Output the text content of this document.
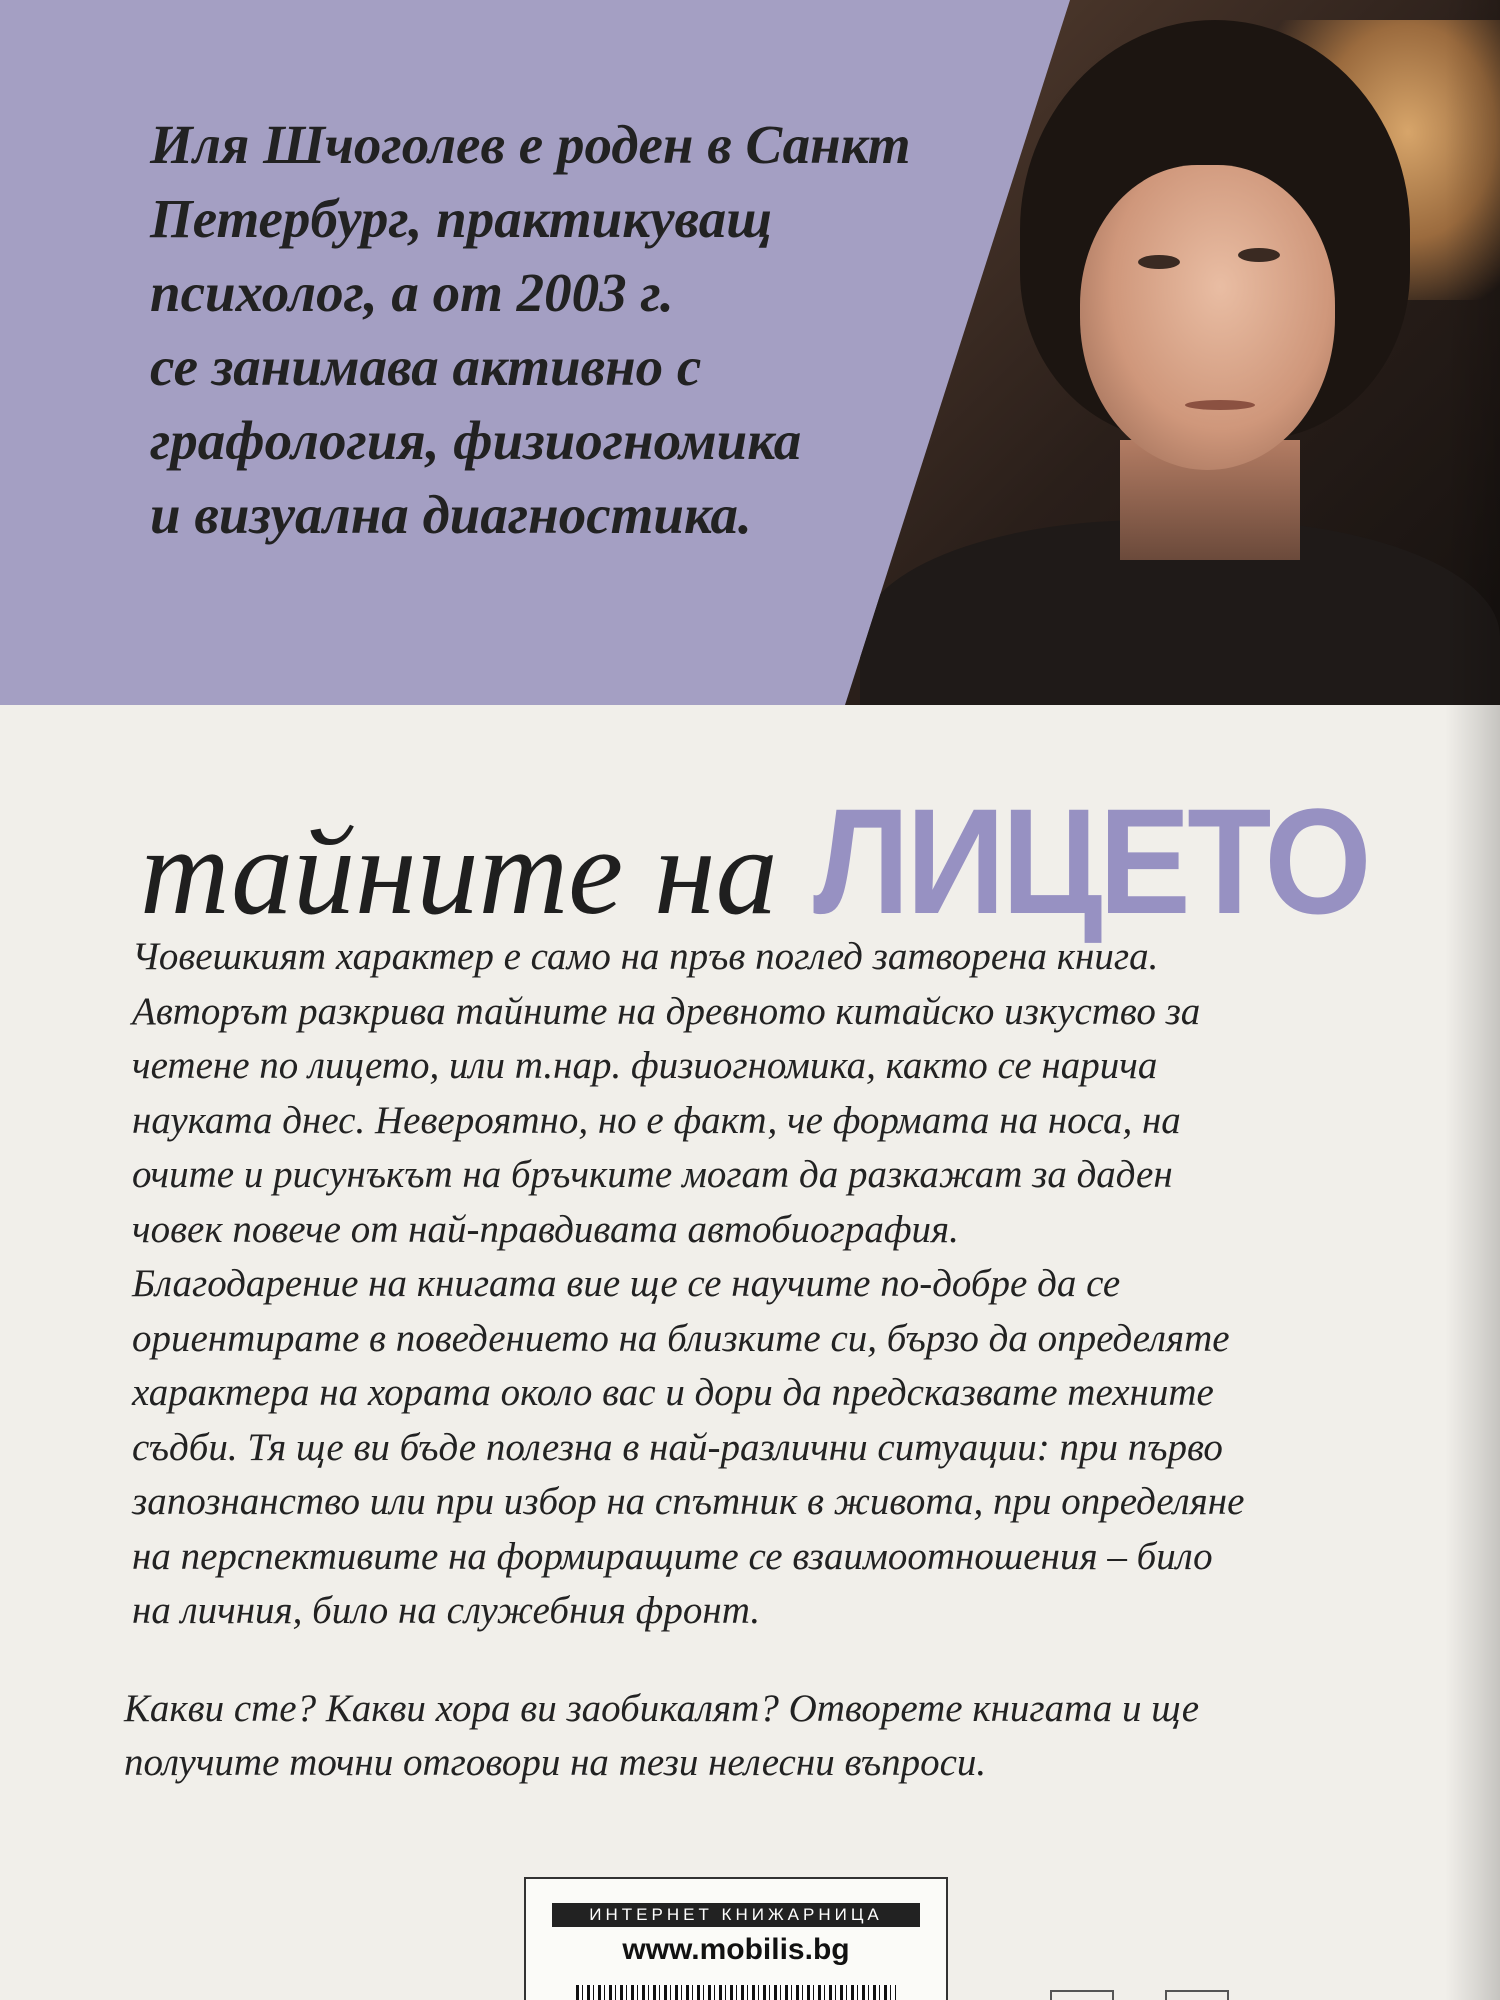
Иля Шчоголев е роден в Санкт
Петербург, практикуващ
психолог, а от 2003 г.
се занимава активно с
графология, физиогномика
и визуална диагностика.

тайните на ЛИЦЕТО

Човешкият характер е само на пръв поглед затворена книга.
Авторът разкрива тайните на древното китайско изкуство за
четене по лицето, или т.нар. физиогномика, както се нарича
науката днес. Невероятно, но е факт, че формата на носа, на
очите и рисунъкът на бръчките могат да разкажат за даден
човек повече от най-правдивата автобиография.
Благодарение на книгата вие ще се научите по-добре да се
ориентирате в поведението на близките си, бързо да определяте
характера на хората около вас и дори да предсказвате техните
съдби. Тя ще ви бъде полезна в най-различни ситуации: при първо
запознанство или при избор на спътник в живота, при определяне
на перспективите на формиращите се взаимоотношения – било
на личния, било на служебния фронт.

Какви сте? Какви хора ви заобикалят? Отворете книгата и ще
получите точни отговори на тези нелесни въпроси.

ИНТЕРНЕТ КНИЖАРНИЦА
www.mobilis.bg
